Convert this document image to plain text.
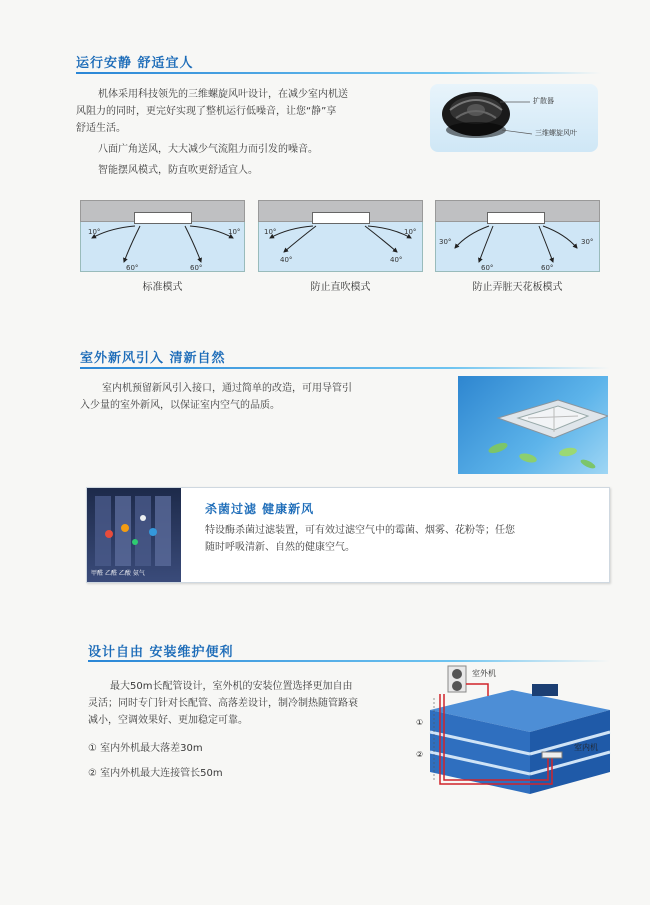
运行安静 舒适宜人
机体采用科技领先的三维螺旋风叶设计，在减少室内机送
风阻力的同时，更完好实现了整机运行低噪音，让您“静”享
舒适生活。
八面广角送风，大大减少气流阻力而引发的噪音。
智能摆风模式，防直吹更舒适宜人。
扩散器
三维螺旋风叶
10°
60°	60°
10°
标准模式
10°
40°	40°
10°
防止直吹模式
30°
60°	60°
30°
防止弄脏天花板模式
室外新风引入 清新自然
室内机预留新风引入接口，通过简单的改造，可用导管引
入少量的室外新风，以保证室内空气的品质。
甲醛 乙醛 乙酸 氨气
杀菌过滤 健康新风
特设酶杀菌过滤装置，可有效过滤空气中的霉菌、烟雾、花粉等；任您
随时呼吸清新、自然的健康空气。
设计自由 安装维护便利
最大50m长配管设计，室外机的安装位置选择更加自由
灵活；同时专门针对长配管、高落差设计，制冷制热随管路衰
减小，空调效果好、更加稳定可靠。
① 室内外机最大落差30m
② 室内外机最大连接管长50m
室外机
室内机
①
②
